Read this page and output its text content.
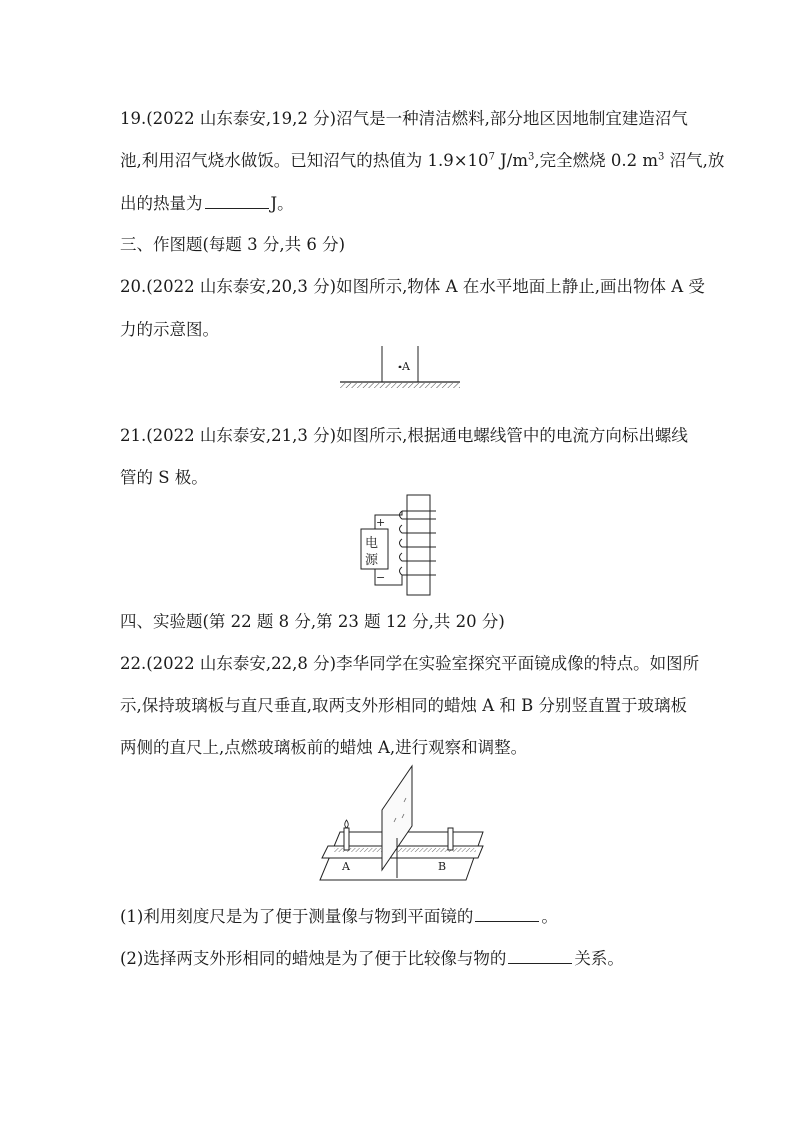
19.(2022 山东泰安,19,2 分)沼气是一种清洁燃料,部分地区因地制宜建造沼气
池,利用沼气烧水做饭。已知沼气的热值为 $1.9\times 10^7$ $J/m^3$,完全燃烧 0.2 $m^3$ 沼气,放
出的热量为	J。
三、作图题(每题 3 分,共 6 分)
20.(2022 山东泰安,20,3 分)如图所示,物体 A 在水平地面上静止,画出物体 A 受
力的示意图。
A
21.(2022 山东泰安,21,3 分)如图所示,根据通电螺线管中的电流方向标出螺线
管的 S 极。
+
−
电
源
四、实验题(第 22 题 8 分,第 23 题 12 分,共 20 分)
22.(2022 山东泰安,22,8 分)李华同学在实验室探究平面镜成像的特点。如图所
示,保持玻璃板与直尺垂直,取两支外形相同的蜡烛 A 和 B 分别竖直置于玻璃板
两侧的直尺上,点燃玻璃板前的蜡烛 A,进行观察和调整。
A	B
(1)利用刻度尺是为了便于测量像与物到平面镜的	。
(2)选择两支外形相同的蜡烛是为了便于比较像与物的	关系。
